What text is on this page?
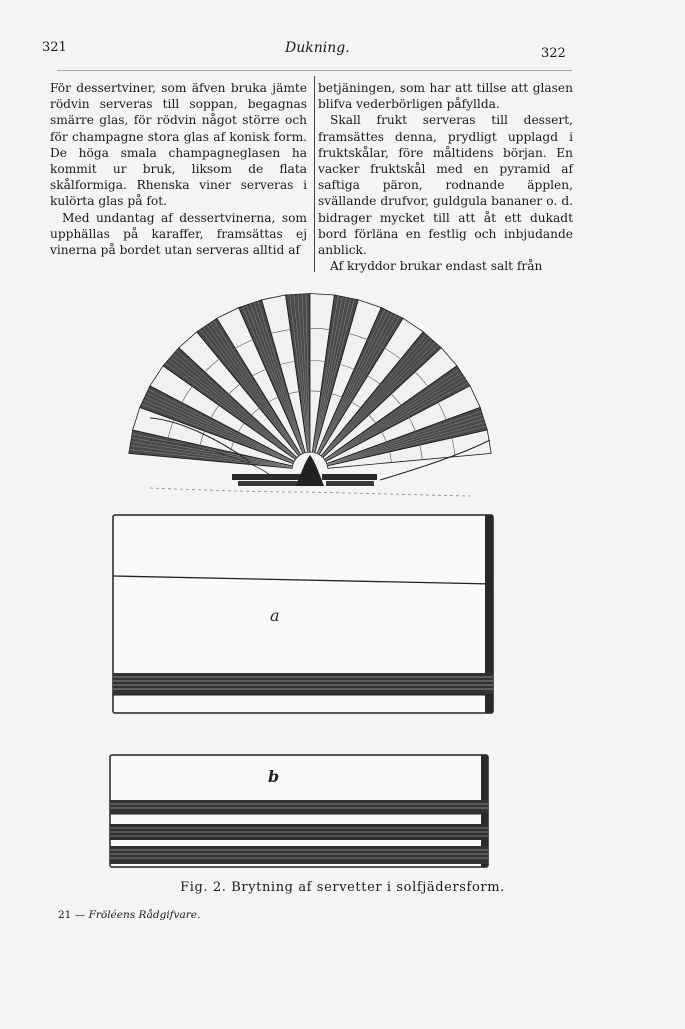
321	Dukning.	322

För dessertviner, som äfven bruka jämte rödvin serveras till soppan, begagnas smärre glas, för rödvin något större och för champagne stora glas af konisk form. De höga smala champagneglasen ha kommit ur bruk, liksom de flata skålformiga. Rhenska viner serveras i kulörta glas på fot.

Med undantag af dessertvinerna, som upphällas på karaffer, framsättas ej vinerna på bordet utan serveras alltid af

betjäningen, som har att tillse att glasen blifva vederbörligen påfyllda.

Skall frukt serveras till dessert, framsättes denna, prydligt upplagd i fruktskålar, före måltidens början. En vacker fruktskål med en pyramid af saftiga päron, rodnande äpplen, svällande drufvor, guldgula bananer o. d. bidrager mycket till att åt ett dukadt bord förläna en festlig och inbjudande anblick.

Af kryddor brukar endast salt från

a
b
Fig. 2. Brytning af servetter i solfjädersform.
21 — Fröléens Rådgifvare.
